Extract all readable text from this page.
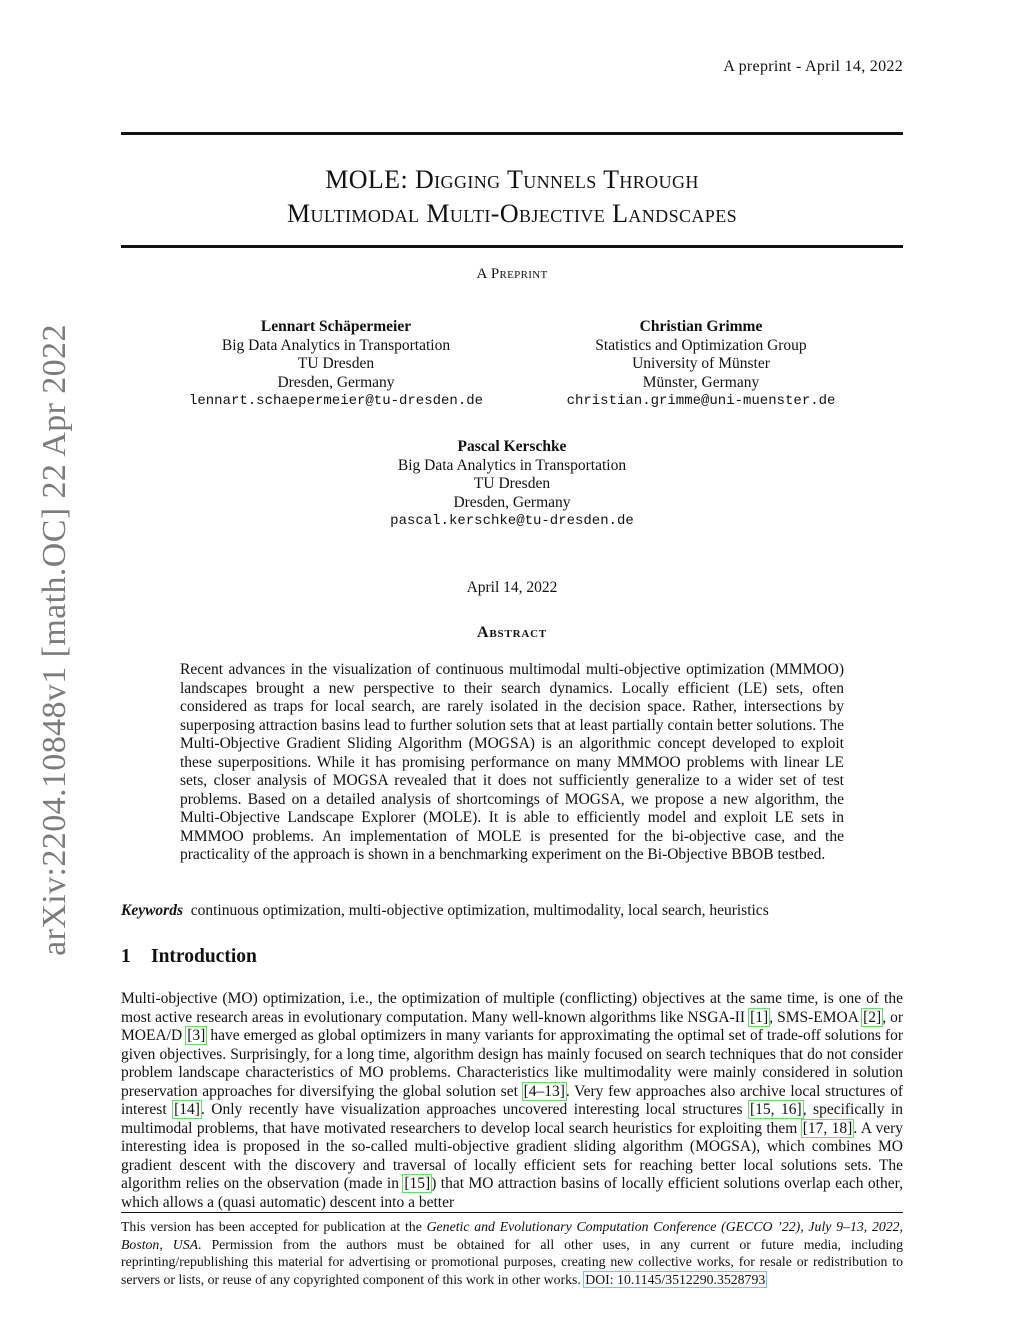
A preprint - April 14, 2022
arXiv:2204.10848v1 [math.OC] 22 Apr 2022
MOLE: Digging Tunnels Through
Multimodal Multi-Objective Landscapes
A Preprint
Lennart Schäpermeier
Big Data Analytics in Transportation
TU Dresden
Dresden, Germany
lennart.schaepermeier@tu-dresden.de
Christian Grimme
Statistics and Optimization Group
University of Münster
Münster, Germany
christian.grimme@uni-muenster.de
Pascal Kerschke
Big Data Analytics in Transportation
TU Dresden
Dresden, Germany
pascal.kerschke@tu-dresden.de
April 14, 2022
Abstract
Recent advances in the visualization of continuous multimodal multi-objective optimization (MMMOO) landscapes brought a new perspective to their search dynamics. Locally efficient (LE) sets, often considered as traps for local search, are rarely isolated in the decision space. Rather, intersections by superposing attraction basins lead to further solution sets that at least partially contain better solutions. The Multi-Objective Gradient Sliding Algorithm (MOGSA) is an algorithmic concept developed to exploit these superpositions. While it has promising performance on many MMMOO problems with linear LE sets, closer analysis of MOGSA revealed that it does not sufficiently generalize to a wider set of test problems. Based on a detailed analysis of shortcomings of MOGSA, we propose a new algorithm, the Multi-Objective Landscape Explorer (MOLE). It is able to efficiently model and exploit LE sets in MMMOO problems. An implementation of MOLE is presented for the bi-objective case, and the practicality of the approach is shown in a benchmarking experiment on the Bi-Objective BBOB testbed.
Keywords continuous optimization, multi-objective optimization, multimodality, local search, heuristics
1 Introduction
Multi-objective (MO) optimization, i.e., the optimization of multiple (conflicting) objectives at the same time, is one of the most active research areas in evolutionary computation. Many well-known algorithms like NSGA-II [1], SMS-EMOA [2], or MOEA/D [3] have emerged as global optimizers in many variants for approximating the optimal set of trade-off solutions for given objectives. Surprisingly, for a long time, algorithm design has mainly focused on search techniques that do not consider problem landscape characteristics of MO problems. Characteristics like multimodality were mainly considered in solution preservation approaches for diversifying the global solution set [4–13]. Very few approaches also archive local structures of interest [14]. Only recently have visualization approaches uncovered interesting local structures [15, 16], specifically in multimodal problems, that have motivated researchers to develop local search heuristics for exploiting them [17, 18]. A very interesting idea is proposed in the so-called multi-objective gradient sliding algorithm (MOGSA), which combines MO gradient descent with the discovery and traversal of locally efficient sets for reaching better local solutions sets. The algorithm relies on the observation (made in [15]) that MO attraction basins of locally efficient solutions overlap each other, which allows a (quasi automatic) descent into a better
This version has been accepted for publication at the Genetic and Evolutionary Computation Conference (GECCO ’22), July 9–13, 2022, Boston, USA. Permission from the authors must be obtained for all other uses, in any current or future media, including reprinting/republishing this material for advertising or promotional purposes, creating new collective works, for resale or redistribution to servers or lists, or reuse of any copyrighted component of this work in other works. DOI: 10.1145/3512290.3528793
